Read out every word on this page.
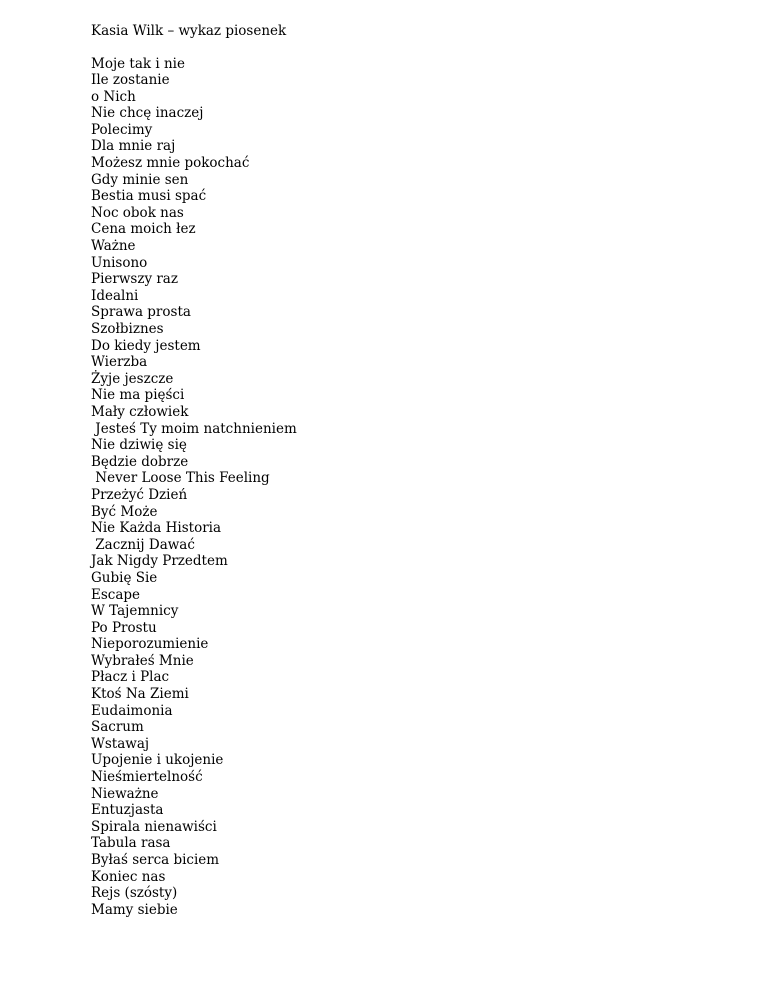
Kasia Wilk – wykaz piosenek

Moje tak i nie
Ile zostanie
o Nich
Nie chcę inaczej
Polecimy
Dla mnie raj
Możesz mnie pokochać
Gdy minie sen
Bestia musi spać
Noc obok nas
Cena moich łez
Ważne
Unisono
Pierwszy raz
Idealni
Sprawa prosta
Szołbiznes
Do kiedy jestem
Wierzba
Żyje jeszcze
Nie ma pięści
Mały człowiek
Jesteś Ty moim natchnieniem
Nie dziwię się
Będzie dobrze
Never Loose This Feeling
Przeżyć Dzień
Być Może
Nie Każda Historia
Zacznij Dawać
Jak Nigdy Przedtem
Gubię Sie
Escape
W Tajemnicy
Po Prostu
Nieporozumienie
Wybrałeś Mnie
Płacz i Plac
Ktoś Na Ziemi
Eudaimonia
Sacrum
Wstawaj
Upojenie i ukojenie
Nieśmiertelność
Nieważne
Entuzjasta
Spirala nienawiści
Tabula rasa
Byłaś serca biciem
Koniec nas
Rejs (szósty)
Mamy siebie
